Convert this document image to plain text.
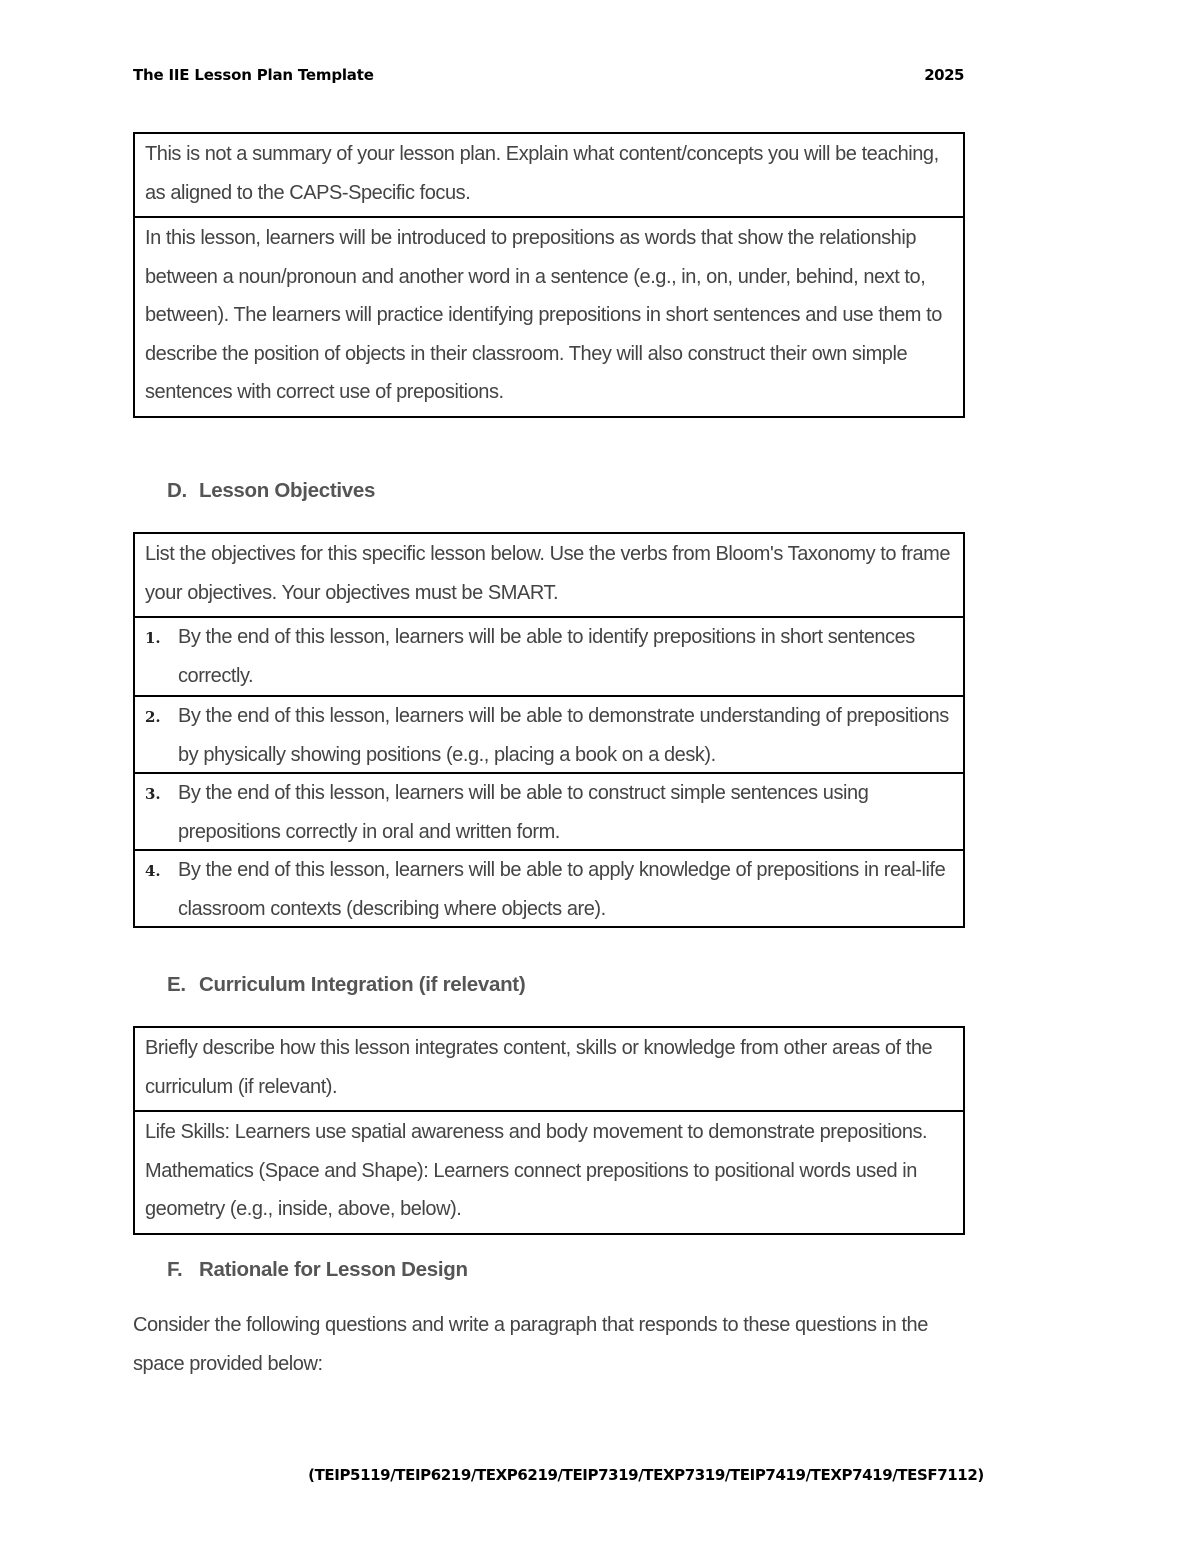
The IIE Lesson Plan Template	2025
This is not a summary of your lesson plan. Explain what content/concepts you will be teaching, as aligned to the CAPS-Specific focus.
In this lesson, learners will be introduced to prepositions as words that show the relationship between a noun/pronoun and another word in a sentence (e.g., in, on, under, behind, next to, between). The learners will practice identifying prepositions in short sentences and use them to describe the position of objects in their classroom. They will also construct their own simple sentences with correct use of prepositions.
D. Lesson Objectives
List the objectives for this specific lesson below. Use the verbs from Bloom's Taxonomy to frame your objectives. Your objectives must be SMART.
1. By the end of this lesson, learners will be able to identify prepositions in short sentences correctly.
2. By the end of this lesson, learners will be able to demonstrate understanding of prepositions by physically showing positions (e.g., placing a book on a desk).
3. By the end of this lesson, learners will be able to construct simple sentences using prepositions correctly in oral and written form.
4. By the end of this lesson, learners will be able to apply knowledge of prepositions in real-life classroom contexts (describing where objects are).
E. Curriculum Integration (if relevant)
Briefly describe how this lesson integrates content, skills or knowledge from other areas of the curriculum (if relevant).
Life Skills: Learners use spatial awareness and body movement to demonstrate prepositions.
Mathematics (Space and Shape): Learners connect prepositions to positional words used in geometry (e.g., inside, above, below).
F. Rationale for Lesson Design
Consider the following questions and write a paragraph that responds to these questions in the space provided below:
(TEIP5119/TEIP6219/TEXP6219/TEIP7319/TEXP7319/TEIP7419/TEXP7419/TESF7112)
